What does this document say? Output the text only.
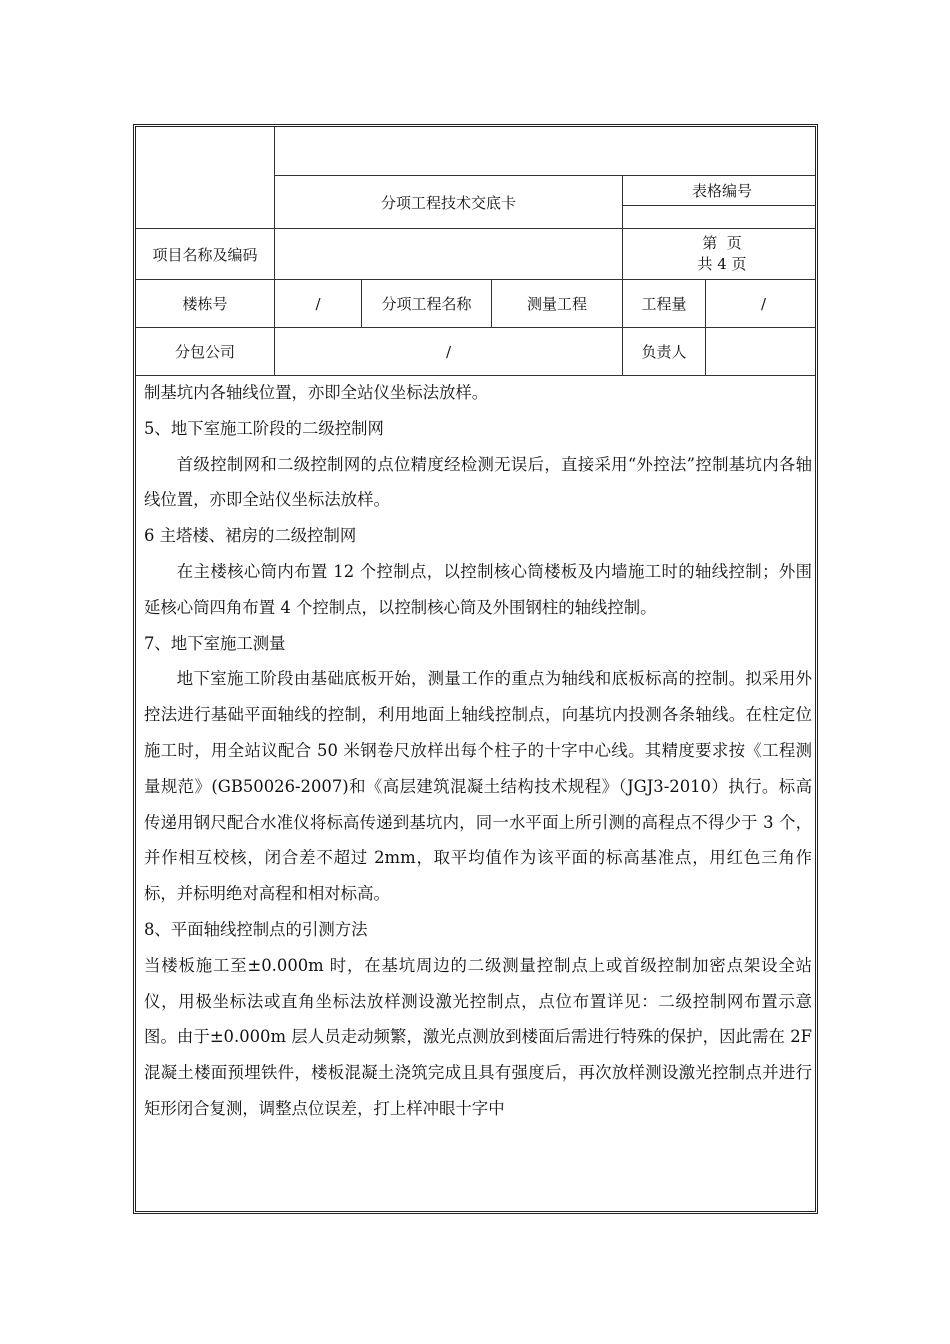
分项工程技术交底卡
表格编号
项目名称及编码
第  页
共 4 页
楼栋号	/	分项工程名称	测量工程	工程量	/
分包公司	/	负责人

制基坑内各轴线位置，亦即全站仪坐标法放样。

5、地下室施工阶段的二级控制网

首级控制网和二级控制网的点位精度经检测无误后，直接采用“外控法”控制基坑内各轴线位置，亦即全站仪坐标法放样。

6 主塔楼、裙房的二级控制网

在主楼核心筒内布置 12 个控制点，以控制核心筒楼板及内墙施工时的轴线控制；外围延核心筒四角布置 4 个控制点，以控制核心筒及外围钢柱的轴线控制。

7、地下室施工测量

地下室施工阶段由基础底板开始，测量工作的重点为轴线和底板标高的控制。拟采用外控法进行基础平面轴线的控制，利用地面上轴线控制点，向基坑内投测各条轴线。在柱定位施工时，用全站议配合 50 米钢卷尺放样出每个柱子的十字中心线。其精度要求按《工程测量规范》(GB50026-2007)和《高层建筑混凝土结构技术规程》（JGJ3-2010）执行。标高传递用钢尺配合水准仪将标高传递到基坑内，同一水平面上所引测的高程点不得少于 3 个，并作相互校核，闭合差不超过 2mm，取平均值作为该平面的标高基准点，用红色三角作标，并标明绝对高程和相对标高。

8、平面轴线控制点的引测方法

当楼板施工至±0.000m 时，在基坑周边的二级测量控制点上或首级控制加密点架设全站仪，用极坐标法或直角坐标法放样测设激光控制点，点位布置详见：二级控制网布置示意图。由于±0.000m 层人员走动频繁，激光点测放到楼面后需进行特殊的保护，因此需在 2F 混凝土楼面预埋铁件，楼板混凝土浇筑完成且具有强度后，再次放样测设激光控制点并进行矩形闭合复测，调整点位误差，打上样冲眼十字中
